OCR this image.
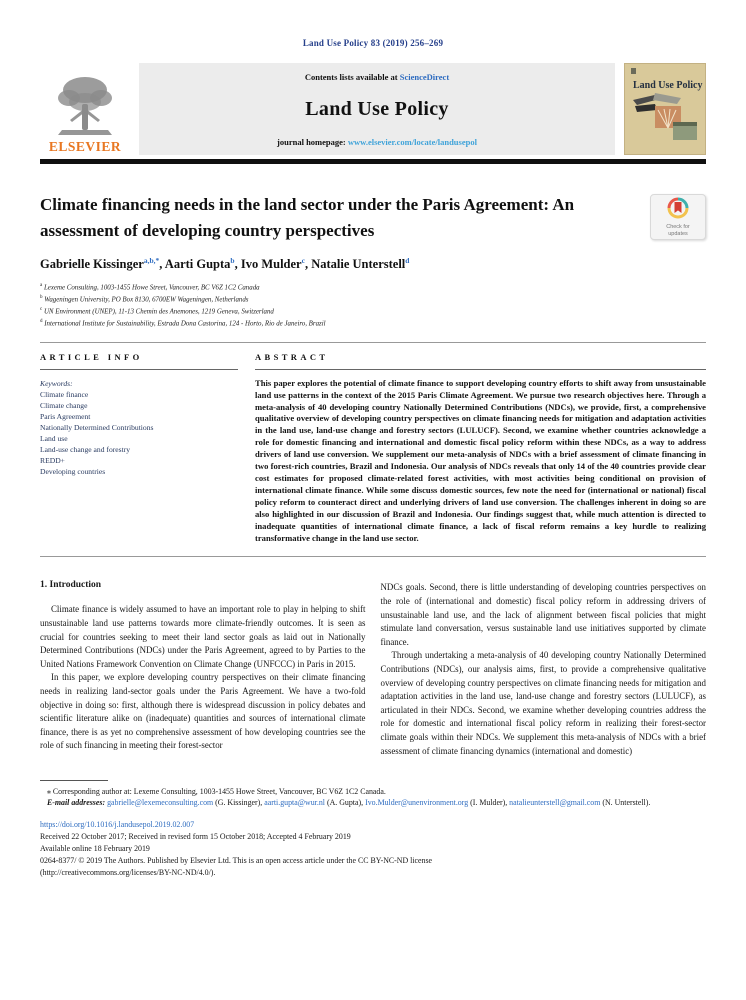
Land Use Policy 83 (2019) 256–269
ELSEVIER
Contents lists available at ScienceDirect
Land Use Policy
journal homepage: www.elsevier.com/locate/landusepol
Land Use Policy
Climate financing needs in the land sector under the Paris Agreement: An assessment of developing country perspectives	Check for
updates
Gabrielle Kissinger$^{a,b,*}$, Aarti Gupta$^b$, Ivo Mulder$^c$, Natalie Unterstell$^d$
$^a$ Lexeme Consulting, 1003-1455 Howe Street, Vancouver, BC V6Z 1C2 Canada
$^b$ Wageningen University, PO Box 8130, 6700EW Wageningen, Netherlands
$^c$ UN Environment (UNEP), 11-13 Chemin des Anemones, 1219 Geneva, Switzerland
$^d$ International Institute for Sustainability, Estrada Dona Castorina, 124 - Horto, Rio de Janeiro, Brazil
ARTICLE INFO
Keywords:
Climate finance
Climate change
Paris Agreement
Nationally Determined Contributions
Land use
Land-use change and forestry
REDD+
Developing countries
ABSTRACT

This paper explores the potential of climate finance to support developing country efforts to shift away from unsustainable land use patterns in the context of the 2015 Paris Climate Agreement. We pursue two research objectives here. Through a meta-analysis of 40 developing country Nationally Determined Contributions (NDCs), we provide, first, a comprehensive qualitative overview of developing country perspectives on climate financing needs for mitigation and adaptation activities in the land use, land-use change and forestry sectors (LULUCF). Second, we examine whether countries acknowledge a role for domestic financing and international and domestic fiscal policy reform within these NDCs, as a way to address drivers of land use conversion. We supplement our meta-analysis of NDCs with a brief assessment of climate financing in two forest-rich countries, Brazil and Indonesia. Our analysis of NDCs reveals that only 14 of the 40 countries provide clear cost estimates for proposed climate-related forest activities, with most activities being conditional on provision of international climate finance. While some discuss domestic sources, few note the need for (international or national) fiscal policy reform to counteract direct and underlying drivers of land use conversion. The challenges inherent in doing so are also highlighted in our discussion of Brazil and Indonesia. Our findings suggest that, while much attention is directed to inadequate quantities of international climate finance, a lack of fiscal reform remains a key hurdle to realizing transformative change in the land use sector.

1. Introduction

Climate finance is widely assumed to have an important role to play in helping to shift unsustainable land use patterns towards more climate-friendly outcomes. It is seen as crucial for countries seeking to meet their land sector goals as laid out in Nationally Determined Contributions (NDCs) under the Paris Agreement, agreed to by Parties to the United Nations Framework Convention on Climate Change (UNFCCC) in Paris in 2015.

In this paper, we explore developing country perspectives on their climate financing needs in realizing land-sector goals under the Paris Agreement. We have a two-fold objective in doing so: first, although there is widespread discussion in policy debates and scientific literature alike on (inadequate) quantities and sources of international climate finance, there is as yet no comprehensive assessment of how developing countries see the role of such financing in meeting their forest-sector

NDCs goals. Second, there is little understanding of developing countries perspectives on the role of (international and domestic) fiscal policy reform in addressing drivers of unsustainable land use, and the lack of alignment between fiscal policies that might stimulate land conversation, versus sustainable land use initiatives supported by climate finance.

Through undertaking a meta-analysis of 40 developing country Nationally Determined Contributions (NDCs), our analysis aims, first, to provide a comprehensive qualitative overview of developing country perspectives on climate financing needs for mitigation and adaptation activities in the land use, land-use change and forestry sectors (LULUCF), as articulated in their NDCs. Second, we examine whether developing countries address the role for domestic and international fiscal policy reform in realizing their forest-sector climate goals within their NDCs. We supplement this meta-analysis of NDCs with a brief assessment of climate financing dynamics (international and domestic)

⁎ Corresponding author at: Lexeme Consulting, 1003-1455 Howe Street, Vancouver, BC V6Z 1C2 Canada.

E-mail addresses: gabrielle@lexemeconsulting.com (G. Kissinger), aarti.gupta@wur.nl (A. Gupta), Ivo.Mulder@unenvironment.org (I. Mulder), natalieunterstell@gmail.com (N. Unterstell).

https://doi.org/10.1016/j.landusepol.2019.02.007
Received 22 October 2017; Received in revised form 15 October 2018; Accepted 4 February 2019
Available online 18 February 2019
0264-8377/ © 2019 The Authors. Published by Elsevier Ltd. This is an open access article under the CC BY-NC-ND license
(http://creativecommons.org/licenses/BY-NC-ND/4.0/).
